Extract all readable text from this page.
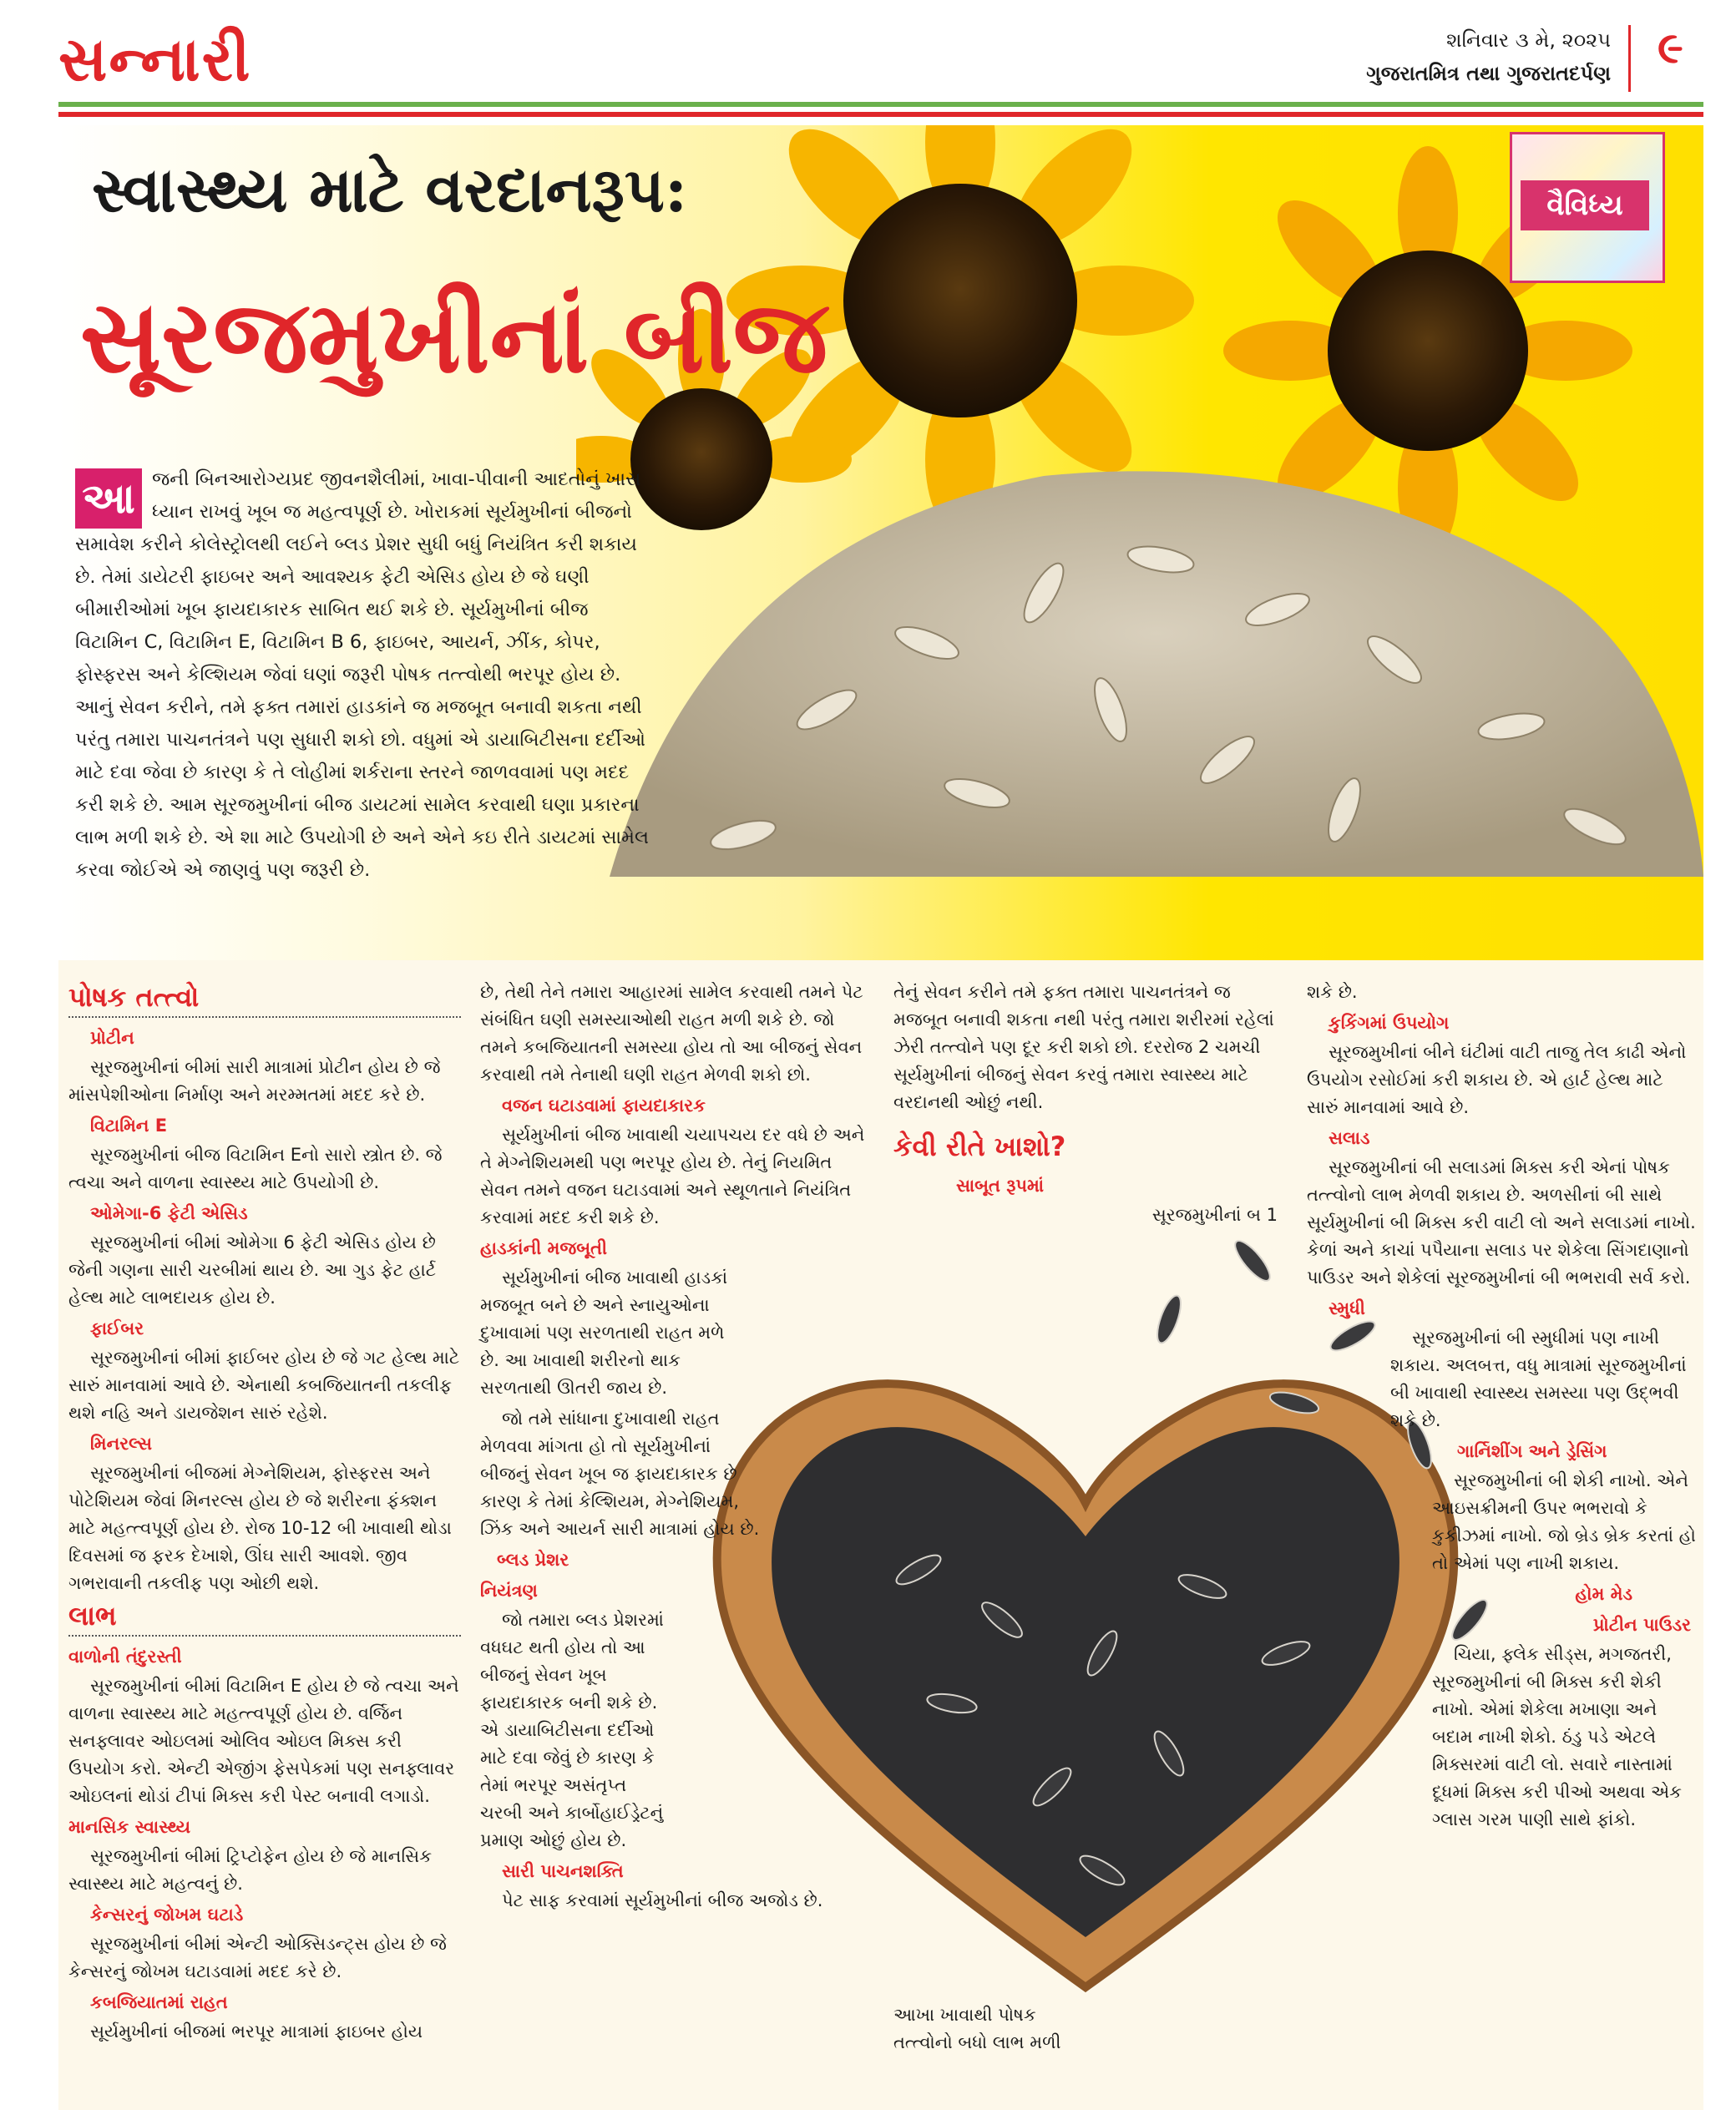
સન્નારી	શનિવાર ૩ મે, ૨૦૨૫
ગુજરાતમિત્ર તથા ગુજરાતદર્પણ ૯
સ્વાસ્થ્ય માટે વરદાનરૂપ:
સૂરજમુખીનાં બીજ
વૈવિધ્ય
આ જની બિનઆરોગ્યપ્રદ જીવનશૈલીમાં, ખાવા-પીવાની આદતોનું ખાસ ધ્યાન રાખવું ખૂબ જ મહત્વપૂર્ણ છે. ખોરાકમાં સૂર્યમુખીનાં બીજનો સમાવેશ કરીને કોલેસ્ટ્રોલથી લઈને બ્લડ પ્રેશર સુધી બધું નિયંત્રિત કરી શકાય છે. તેમાં ડાયેટરી ફાઇબર અને આવશ્યક ફેટી એસિડ હોય છે જે ઘણી બીમારીઓમાં ખૂબ ફાયદાકારક સાબિત થઈ શકે છે. સૂર્યમુખીનાં બીજ વિટામિન C, વિટામિન E, વિટામિન B 6, ફાઇબર, આયર્ન, ઝીંક, કોપર, ફોસ્ફરસ અને કેલ્શિયમ જેવાં ઘણાં જરૂરી પોષક તત્ત્વોથી ભરપૂર હોય છે. આનું સેવન કરીને, તમે ફક્ત તમારાં હાડકાંને જ મજબૂત બનાવી શકતા નથી પરંતુ તમારા પાચનતંત્રને પણ સુધારી શકો છો. વધુમાં એ ડાયાબિટીસના દર્દીઓ માટે દવા જેવા છે કારણ કે તે લોહીમાં શર્કરાના સ્તરને જાળવવામાં પણ મદદ કરી શકે છે. આમ સૂરજમુખીનાં બીજ ડાયટમાં સામેલ કરવાથી ઘણા પ્રકારના લાભ મળી શકે છે. એ શા માટે ઉપયોગી છે અને એને કઇ રીતે ડાયટમાં સામેલ કરવા જોઈએ એ જાણવું પણ જરૂરી છે.
પોષક તત્ત્વો
પ્રોટીન

સૂરજમુખીનાં બીમાં સારી માત્રામાં પ્રોટીન હોય છે જે માંસપેશીઓના નિર્માણ અને મરમ્મતમાં મદદ કરે છે.

વિટામિન E

સૂરજમુખીનાં બીજ વિટામિન Eનો સારો સ્ત્રોત છે. જે ત્વચા અને વાળના સ્વાસ્થ્ય માટે ઉપયોગી છે.

ઓમેગા-6 ફેટી એસિડ

સૂરજમુખીનાં બીમાં ઓમેગા 6 ફેટી એસિડ હોય છે જેની ગણના સારી ચરબીમાં થાય છે. આ ગુડ ફેટ હાર્ટ હેલ્થ માટે લાભદાયક હોય છે.

ફાઈબર

સૂરજમુખીનાં બીમાં ફાઈબર હોય છે જે ગટ હેલ્થ માટે સારું માનવામાં આવે છે. એનાથી કબજિયાતની તકલીફ થશે નહિ અને ડાયજેશન સારું રહેશે.

મિનરલ્સ

સૂરજમુખીનાં બીજમાં મેગ્નેશિયમ, ફોસ્ફરસ અને પોટેશિયમ જેવાં મિનરલ્સ હોય છે જે શરીરના ફંક્શન માટે મહત્ત્વપૂર્ણ હોય છે. રોજ 10-12 બી ખાવાથી થોડા દિવસમાં જ ફરક દેખાશે, ઊંઘ સારી આવશે. જીવ ગભરાવાની તકલીફ પણ ઓછી થશે.

લાભ
વાળોની તંદુરસ્તી

સૂરજમુખીનાં બીમાં વિટામિન E હોય છે જે ત્વચા અને વાળના સ્વાસ્થ્ય માટે મહત્ત્વપૂર્ણ હોય છે. વર્જિન સનફ્લાવર ઓઇલમાં ઓલિવ ઓઇલ મિક્સ કરી ઉપયોગ કરો. એન્ટી એજીંગ ફેસપેકમાં પણ સનફ્લાવર ઓઇલનાં થોડાં ટીપાં મિક્સ કરી પેસ્ટ બનાવી લગાડો.

માનસિક સ્વાસ્થ્ય

સૂરજમુખીનાં બીમાં ટ્રિપ્ટોફેન હોય છે જે માનસિક સ્વાસ્થ્ય માટે મહત્વનું છે.

કેન્સરનું જોખમ ઘટાડે

સૂરજમુખીનાં બીમાં એન્ટી ઓક્સિડન્ટ્સ હોય છે જે કેન્સરનું જોખમ ઘટાડવામાં મદદ કરે છે.

કબજિયાતમાં રાહત

સૂર્યમુખીનાં બીજમાં ભરપૂર માત્રામાં ફાઇબર હોય

છે, તેથી તેને તમારા આહારમાં સામેલ કરવાથી તમને પેટ સંબંધિત ઘણી સમસ્યાઓથી રાહત મળી શકે છે. જો તમને કબજિયાતની સમસ્યા હોય તો આ બીજનું સેવન કરવાથી તમે તેનાથી ઘણી રાહત મેળવી શકો છો.

વજન ઘટાડવામાં ફાયદાકારક

સૂર્યમુખીનાં બીજ ખાવાથી ચયાપચય દર વધે છે અને તે મેગ્નેશિયમથી પણ ભરપૂર હોય છે. તેનું નિયમિત સેવન તમને વજન ઘટાડવામાં અને સ્થૂળતાને નિયંત્રિત કરવામાં મદદ કરી શકે છે.

હાડકાંની મજબૂતી

સૂર્યમુખીનાં બીજ ખાવાથી હાડકાં મજબૂત બને છે અને સ્નાયુઓના દુખાવામાં પણ સરળતાથી રાહત મળે છે. આ ખાવાથી શરીરનો થાક સરળતાથી ઊતરી જાય છે.

જો તમે સાંધાના દુખાવાથી રાહત મેળવવા માંગતા હો તો સૂર્યમુખીનાં બીજનું સેવન ખૂબ જ ફાયદાકારક છે કારણ કે તેમાં કેલ્શિયમ, મેગ્નેશિયમ, ઝિંક અને આયર્ન સારી માત્રામાં હોય છે.

બ્લડ પ્રેશર
નિયંત્રણ

જો તમારા બ્લડ પ્રેશરમાં વધઘટ થતી હોય તો આ બીજનું સેવન ખૂબ ફાયદાકારક બની શકે છે. એ ડાયાબિટીસના દર્દીઓ માટે દવા જેવું છે કારણ કે તેમાં ભરપૂર અસંતૃપ્ત ચરબી અને કાર્બોહાઈડ્રેટનું પ્રમાણ ઓછું હોય છે.

સારી પાચનશક્તિ

પેટ સાફ કરવામાં સૂર્યમુખીનાં બીજ અજોડ છે.

તેનું સેવન કરીને તમે ફક્ત તમારા પાચનતંત્રને જ મજબૂત બનાવી શકતા નથી પરંતુ તમારા શરીરમાં રહેલાં ઝેરી તત્ત્વોને પણ દૂર કરી શકો છો. દરરોજ 2 ચમચી સૂર્યમુખીનાં બીજનું સેવન કરવું તમારા સ્વાસ્થ્ય માટે વરદાનથી ઓછું નથી.

કેવી રીતે ખાશો?
સાબૂત રૂપમાં

સૂરજમુખીનાં બ 1

આખા ખાવાથી પોષક તત્ત્વોનો બધો લાભ મળી

શકે છે.

કુકિંગમાં ઉપયોગ

સૂરજમુખીનાં બીને ઘંટીમાં વાટી તાજુ તેલ કાઢી એનો ઉપયોગ રસોઈમાં કરી શકાય છે. એ હાર્ટ હેલ્થ માટે સારું માનવામાં આવે છે.

સલાડ

સૂરજમુખીનાં બી સલાડમાં મિક્સ કરી એનાં પોષક તત્ત્વોનો લાભ મેળવી શકાય છે. અળસીનાં બી સાથે સૂર્યમુખીનાં બી મિક્સ કરી વાટી લો અને સલાડમાં નાખો. કેળાં અને કાચાં પપૈયાના સલાડ પર શેકેલા સિંગદાણાનો પાઉડર અને શેકેલાં સૂરજમુખીનાં બી ભભરાવી સર્વ કરો.

સ્મુધી

સૂરજમુખીનાં બી સ્મુધીમાં પણ નાખી શકાય. અલબત્ત, વધુ માત્રામાં સૂરજમુખીનાં બી ખાવાથી સ્વાસ્થ્ય સમસ્યા પણ ઉદ્ભવી શકે છે.

ગાર્નિશીંગ અને ડ્રેસિંગ

સૂરજમુખીનાં બી શેકી નાખો. એને આઇસક્રીમની ઉપર ભભરાવો કે કુકીઝમાં નાખો. જો બ્રેડ બ્રેક કરતાં હો તો એમાં પણ નાખી શકાય.

હોમ મેડ
પ્રોટીન પાઉડર

ચિયા, ફ્લેક સીડ્સ, મગજતરી, સૂરજમુખીનાં બી મિક્સ કરી શેકી નાખો. એમાં શેકેલા મખાણા અને બદામ નાખી શેકો. ઠંડુ પડે એટલે મિક્સરમાં વાટી લો. સવારે નાસ્તામાં દૂધમાં મિક્સ કરી પીઓ અથવા એક ગ્લાસ ગરમ પાણી સાથે ફાંકો.
